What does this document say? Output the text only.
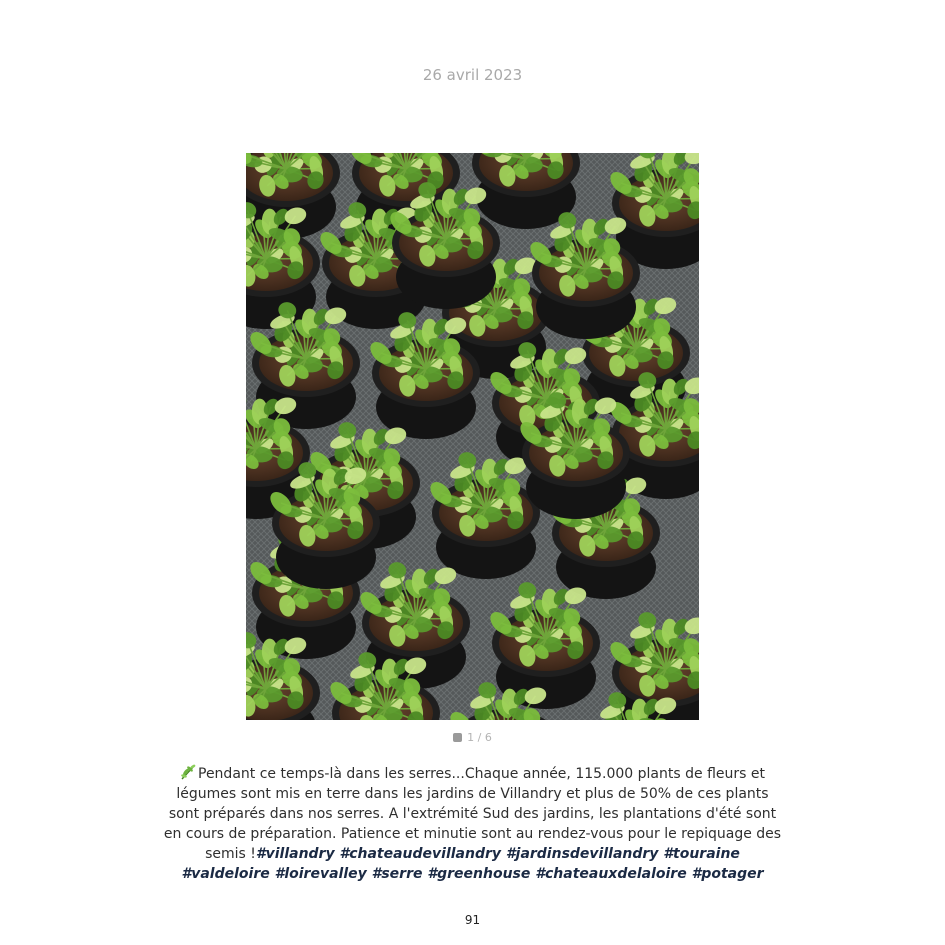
26 avril 2023
1 / 6
Pendant ce temps-là dans les serres...Chaque année, 115.000 plants de fleurs et légumes sont mis en terre dans les jardins de Villandry et plus de 50% de ces plants sont préparés dans nos serres. A l'extrémité Sud des jardins, les plantations d'été sont en cours de préparation. Patience et minutie sont au rendez-vous pour le repiquage des semis !#villandry #chateaudevillandry #jardinsdevillandry #touraine #valdeloire #loirevalley #serre #greenhouse #chateauxdelaloire #potager
91
